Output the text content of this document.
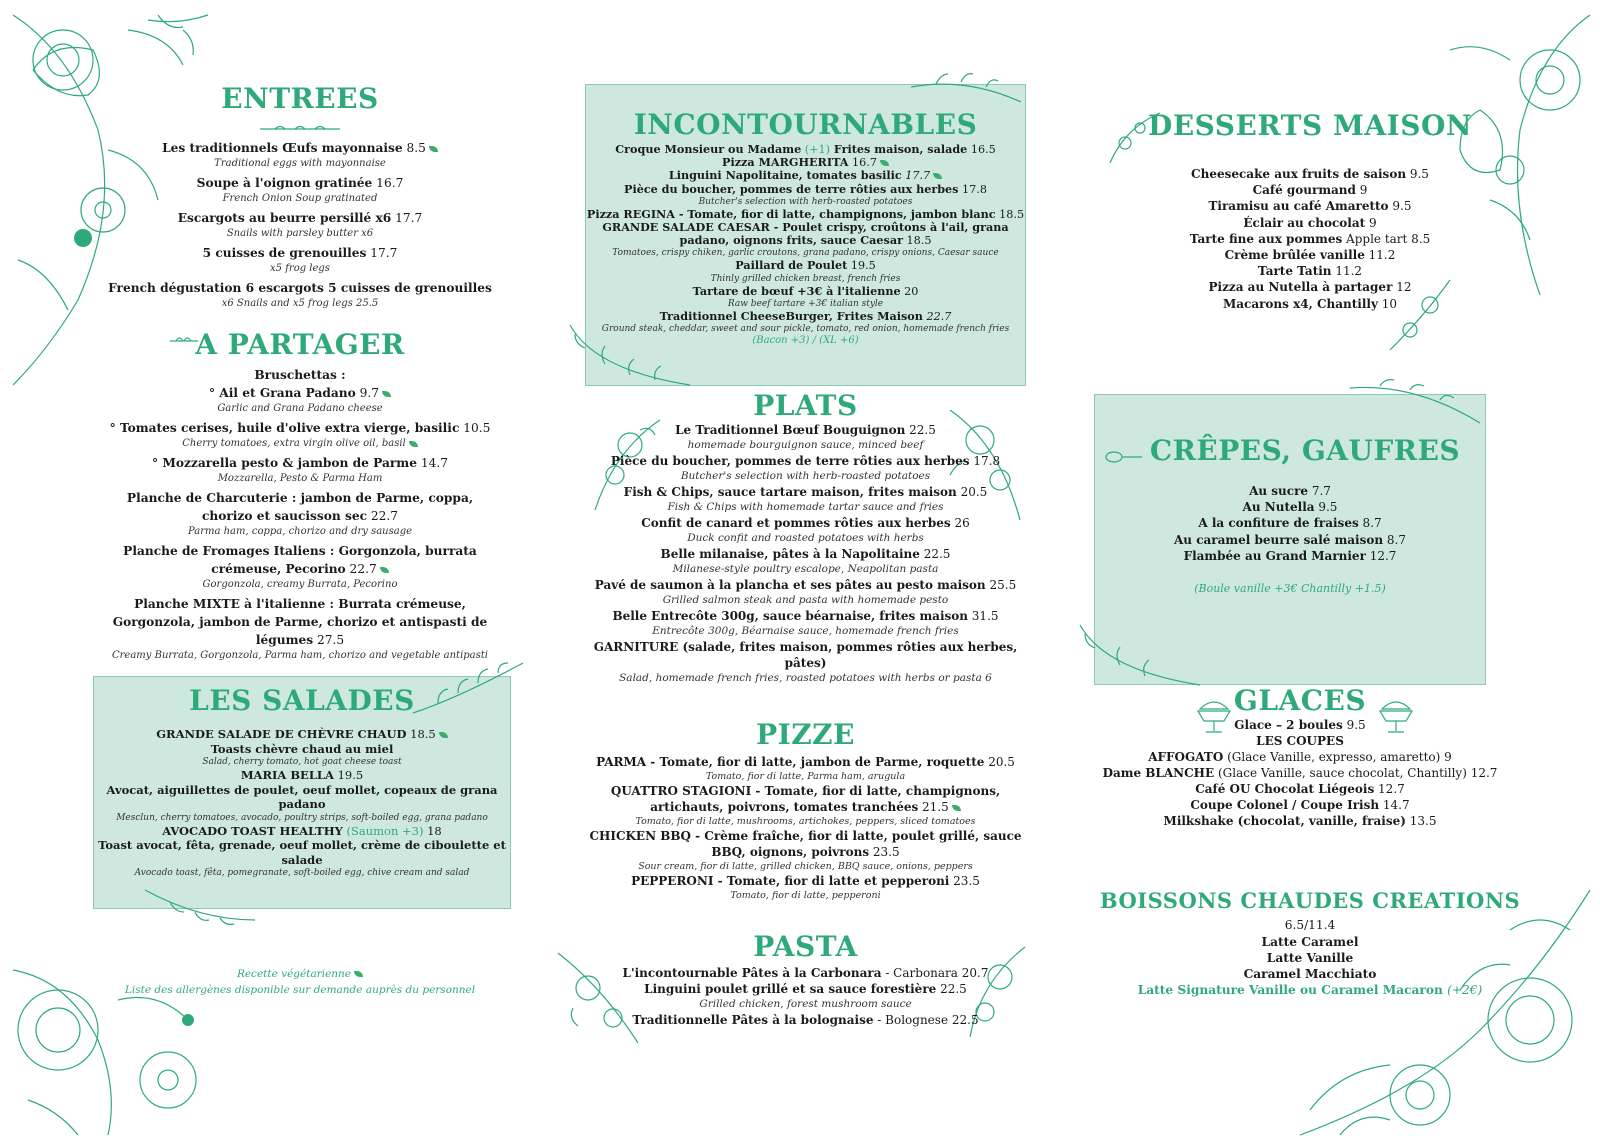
ENTREES
Les traditionnels Œufs mayonnaise 8.5
Traditional eggs with mayonnaise
Soupe à l'oignon gratinée 16.7
French Onion Soup gratinated
Escargots au beurre persillé x6 17.7
Snails with parsley butter x6
5 cuisses de grenouilles 17.7
x5 frog legs
French dégustation 6 escargots 5 cuisses de grenouilles
x6 Snails and x5 frog legs 25.5
A PARTAGER
Bruschettas :
° Ail et Grana Padano 9.7
Garlic and Grana Padano cheese
° Tomates cerises, huile d'olive extra vierge, basilic 10.5
Cherry tomatoes, extra virgin olive oil, basil
° Mozzarella pesto & jambon de Parme 14.7
Mozzarella, Pesto & Parma Ham
Planche de Charcuterie : jambon de Parme, coppa, chorizo et saucisson sec 22.7
Parma ham, coppa, chorizo and dry sausage
Planche de Fromages Italiens : Gorgonzola, burrata crémeuse, Pecorino 22.7
Gorgonzola, creamy Burrata, Pecorino
Planche MIXTE à l'italienne : Burrata crémeuse, Gorgonzola, jambon de Parme, chorizo et antispasti de légumes 27.5
Creamy Burrata, Gorgonzola, Parma ham, chorizo and vegetable antipasti
LES SALADES
GRANDE SALADE DE CHÈVRE CHAUD 18.5
Toasts chèvre chaud au miel
Salad, cherry tomato, hot goat cheese toast
MARIA BELLA 19.5
Avocat, aiguillettes de poulet, oeuf mollet, copeaux de grana padano
Mesclun, cherry tomatoes, avocado, poultry strips, soft-boiled egg, grana padano
AVOCADO TOAST HEALTHY (Saumon +3) 18
Toast avocat, fêta, grenade, oeuf mollet, crème de ciboulette et salade
Avocado toast, fêta, pomegranate, soft-boiled egg, chive cream and salad
Recette végétarienne
Liste des allergènes disponible sur demande auprès du personnel
INCONTOURNABLES
Croque Monsieur ou Madame (+1) Frites maison, salade 16.5
Pizza MARGHERITA 16.7
Linguini Napolitaine, tomates basilic 17.7
Pièce du boucher, pommes de terre rôties aux herbes 17.8
Butcher's selection with herb-roasted potatoes
Pizza REGINA - Tomate, fior di latte, champignons, jambon blanc 18.5
GRANDE SALADE CAESAR - Poulet crispy, croûtons à l'ail, grana padano, oignons frits, sauce Caesar 18.5
Tomatoes, crispy chiken, garlic croutons, grana padano, crispy onions, Caesar sauce
Paillard de Poulet 19.5
Thinly grilled chicken breast, french fries
Tartare de bœuf +3€ à l'italienne 20
Raw beef tartare +3€ italian style
Traditionnel CheeseBurger, Frites Maison 22.7
Ground steak, cheddar, sweet and sour pickle, tomato, red onion, homemade french fries
(Bacon +3) / (XL +6)
PLATS
Le Traditionnel Bœuf Bouguignon 22.5
homemade bourguignon sauce, minced beef
Pièce du boucher, pommes de terre rôties aux herbes 17.8
Butcher's selection with herb-roasted potatoes
Fish & Chips, sauce tartare maison, frites maison 20.5
Fish & Chips with homemade tartar sauce and fries
Confit de canard et pommes rôties aux herbes 26
Duck confit and roasted potatoes with herbs
Belle milanaise, pâtes à la Napolitaine 22.5
Milanese-style poultry escalope, Neapolitan pasta
Pavé de saumon à la plancha et ses pâtes au pesto maison 25.5
Grilled salmon steak and pasta with homemade pesto
Belle Entrecôte 300g, sauce béarnaise, frites maison 31.5
Entrecôte 300g, Béarnaise sauce, homemade french fries
GARNITURE (salade, frites maison, pommes rôties aux herbes, pâtes)
Salad, homemade french fries, roasted potatoes with herbs or pasta 6
PIZZE
PARMA - Tomate, fior di latte, jambon de Parme, roquette 20.5
Tomato, fior di latte, Parma ham, arugula
QUATTRO STAGIONI - Tomate, fior di latte, champignons, artichauts, poivrons, tomates tranchées 21.5
Tomato, fior di latte, mushrooms, artichokes, peppers, sliced tomatoes
CHICKEN BBQ - Crème fraîche, fior di latte, poulet grillé, sauce BBQ, oignons, poivrons 23.5
Sour cream, fior di latte, grilled chicken, BBQ sauce, onions, peppers
PEPPERONI - Tomate, fior di latte et pepperoni 23.5
Tomato, fior di latte, pepperoni
PASTA
L'incontournable Pâtes à la Carbonara - Carbonara 20.7
Linguini poulet grillé et sa sauce forestière 22.5
Grilled chicken, forest mushroom sauce
Traditionnelle Pâtes à la bolognaise - Bolognese 22.5
DESSERTS MAISON
Cheesecake aux fruits de saison 9.5
Café gourmand 9
Tiramisu au café Amaretto 9.5
Éclair au chocolat 9
Tarte fine aux pommes Apple tart 8.5
Crème brûlée vanille 11.2
Tarte Tatin 11.2
Pizza au Nutella à partager 12
Macarons x4, Chantilly 10
CRÊPES, GAUFRES
Au sucre 7.7
Au Nutella 9.5
A la confiture de fraises 8.7
Au caramel beurre salé maison 8.7
Flambée au Grand Marnier 12.7
(Boule vanille +3€ Chantilly +1.5)
GLACES
Glace – 2 boules 9.5
LES COUPES
AFFOGATO (Glace Vanille, expresso, amaretto) 9
Dame BLANCHE (Glace Vanille, sauce chocolat, Chantilly) 12.7
Café OU Chocolat Liégeois 12.7
Coupe Colonel / Coupe Irish 14.7
Milkshake (chocolat, vanille, fraise) 13.5
BOISSONS CHAUDES CREATIONS
6.5/11.4
Latte Caramel
Latte Vanille
Caramel Macchiato
Latte Signature Vanille ou Caramel Macaron (+2€)
